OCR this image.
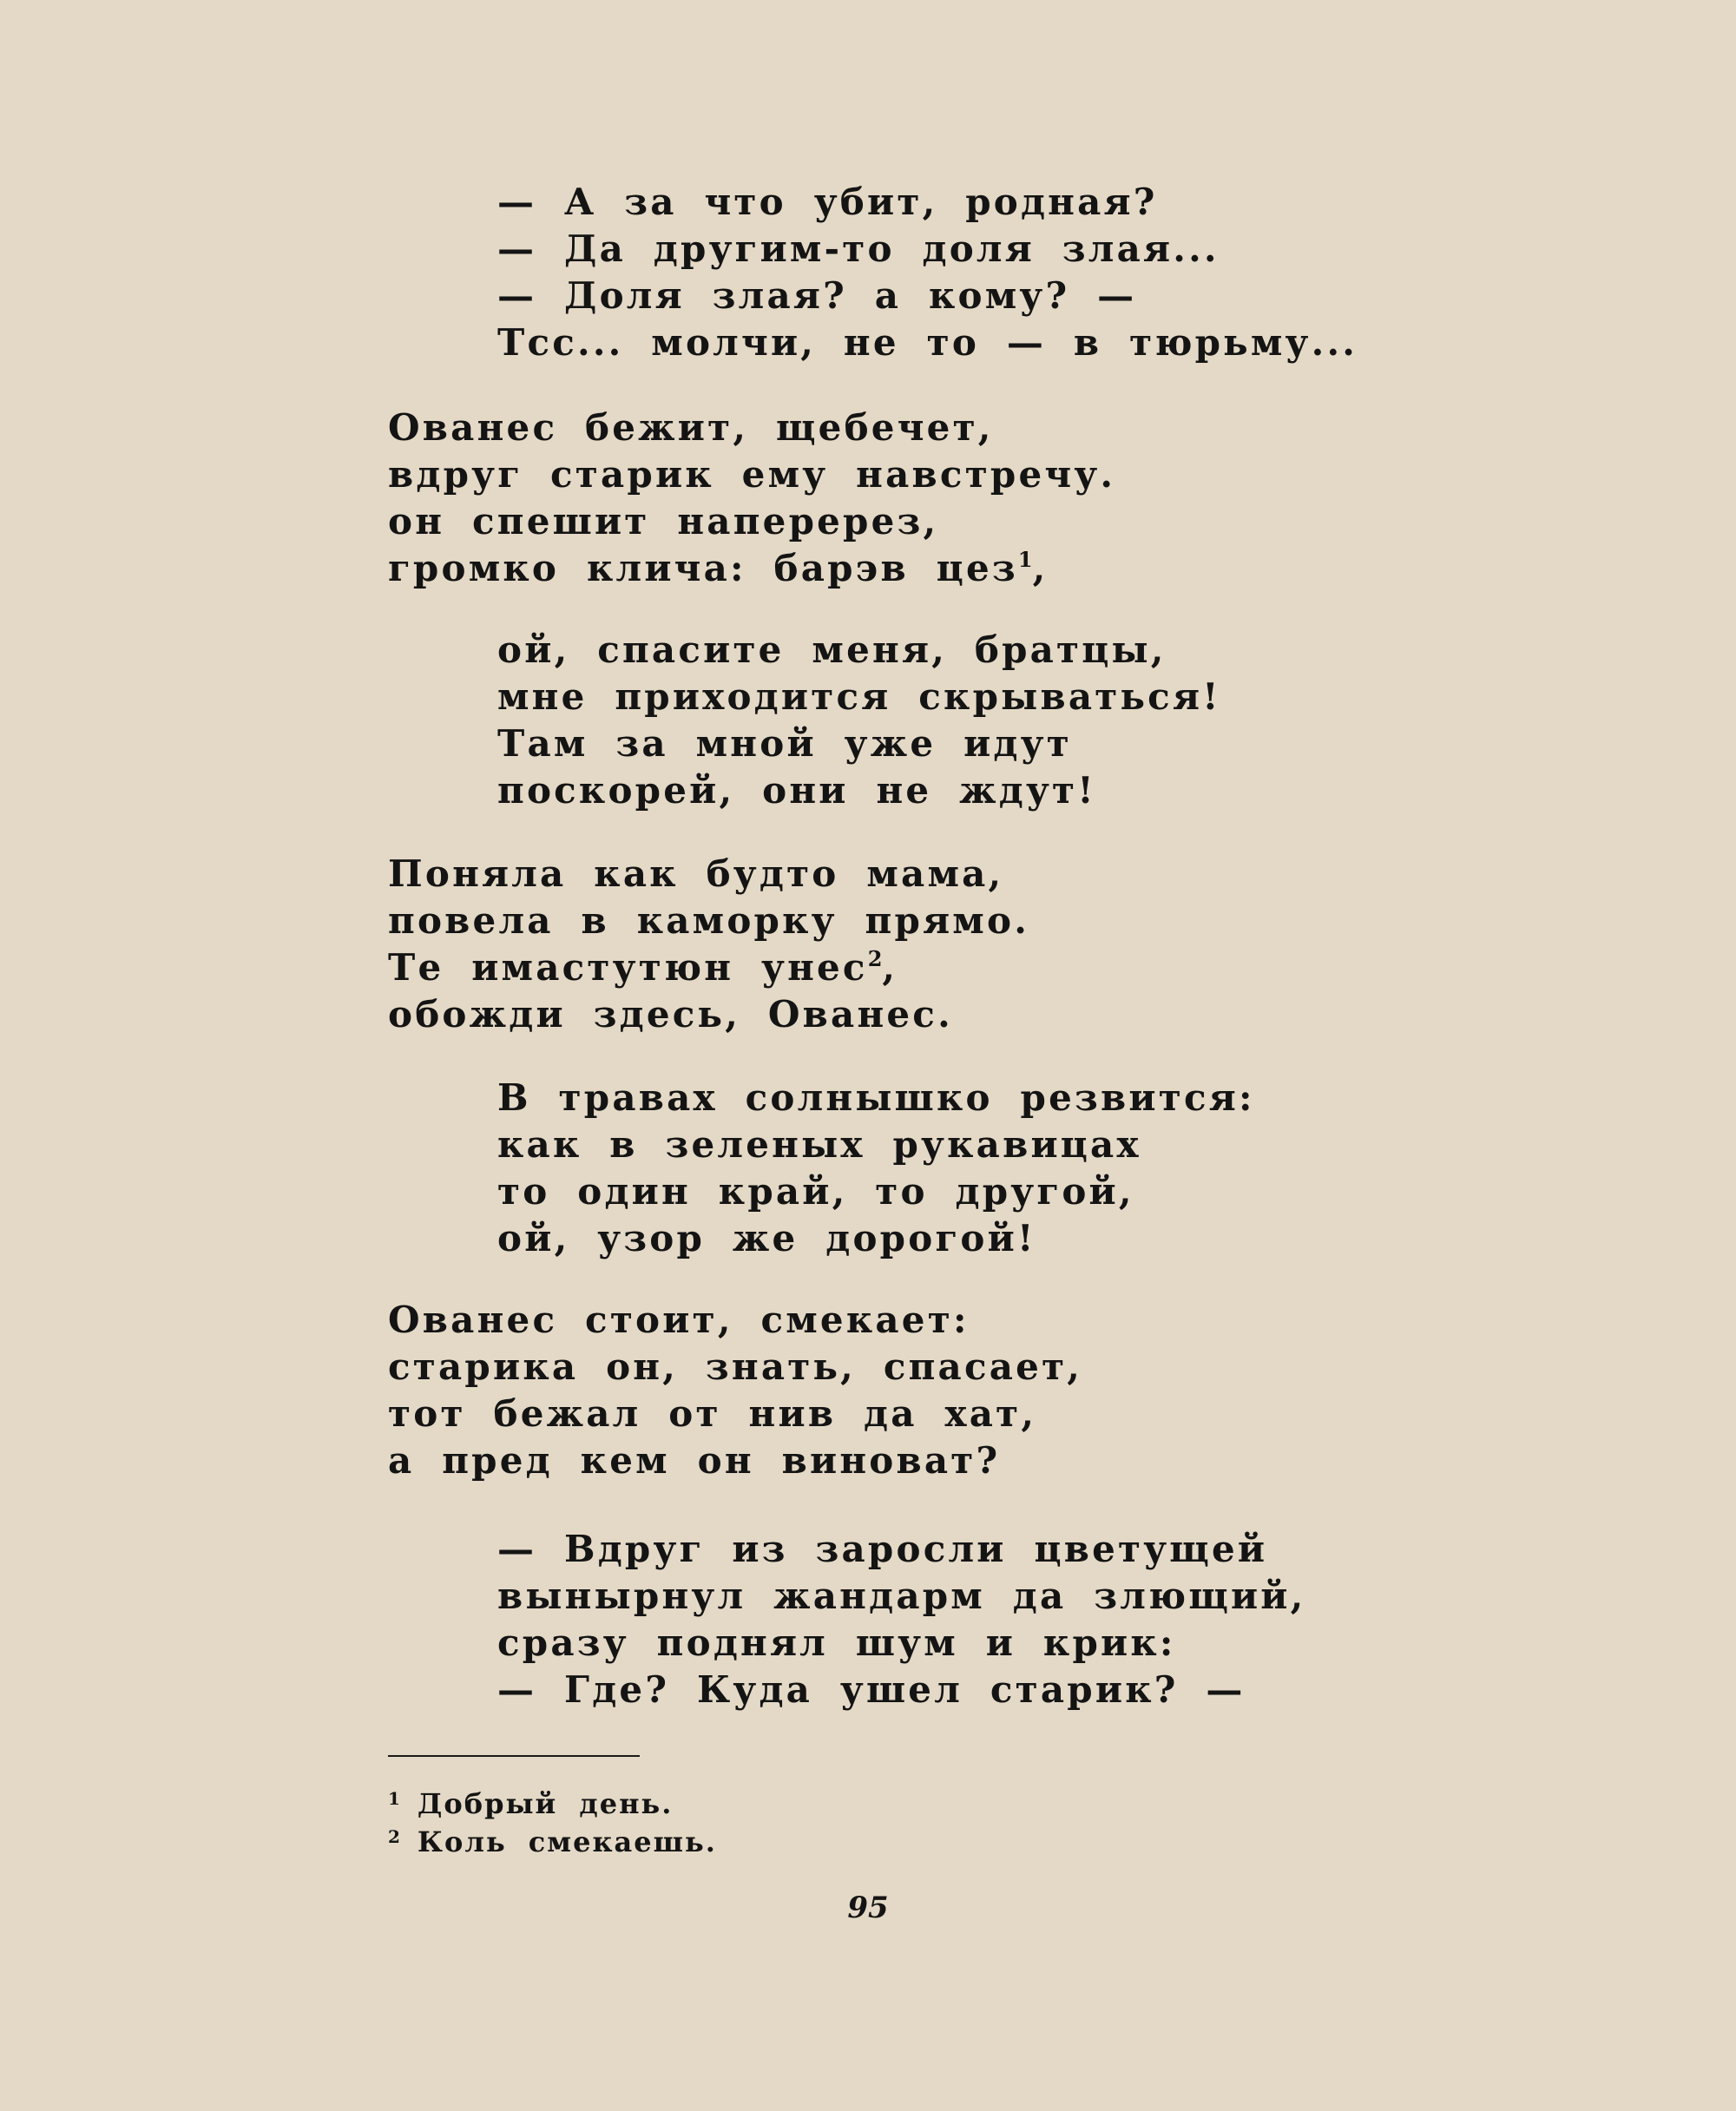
— А за что убит, родная?
— Да другим-то доля злая...
— Доля злая? а кому? —
Тсс... молчи, не то — в тюрьму...
Ованес бежит, щебечет,
вдруг старик ему навстречу.
он спешит наперерез,
громко клича: барэв цез$^1$,
ой, спасите меня, братцы,
мне приходится скрываться!
Там за мной уже идут
поскорей, они не ждут!
Поняла как будто мама,
повела в каморку прямо.
Те имастутюн унес$^2$,
обожди здесь, Ованес.
В травах солнышко резвится:
как в зеленых рукавицах
то один край, то другой,
ой, узор же дорогой!
Ованес стоит, смекает:
старика он, знать, спасает,
тот бежал от нив да хат,
а пред кем он виноват?
— Вдруг из заросли цветущей
вынырнул жандарм да злющий,
сразу поднял шум и крик:
— Где? Куда ушел старик? —
$^1$ Добрый день.
$^2$ Коль смекаешь.
95
